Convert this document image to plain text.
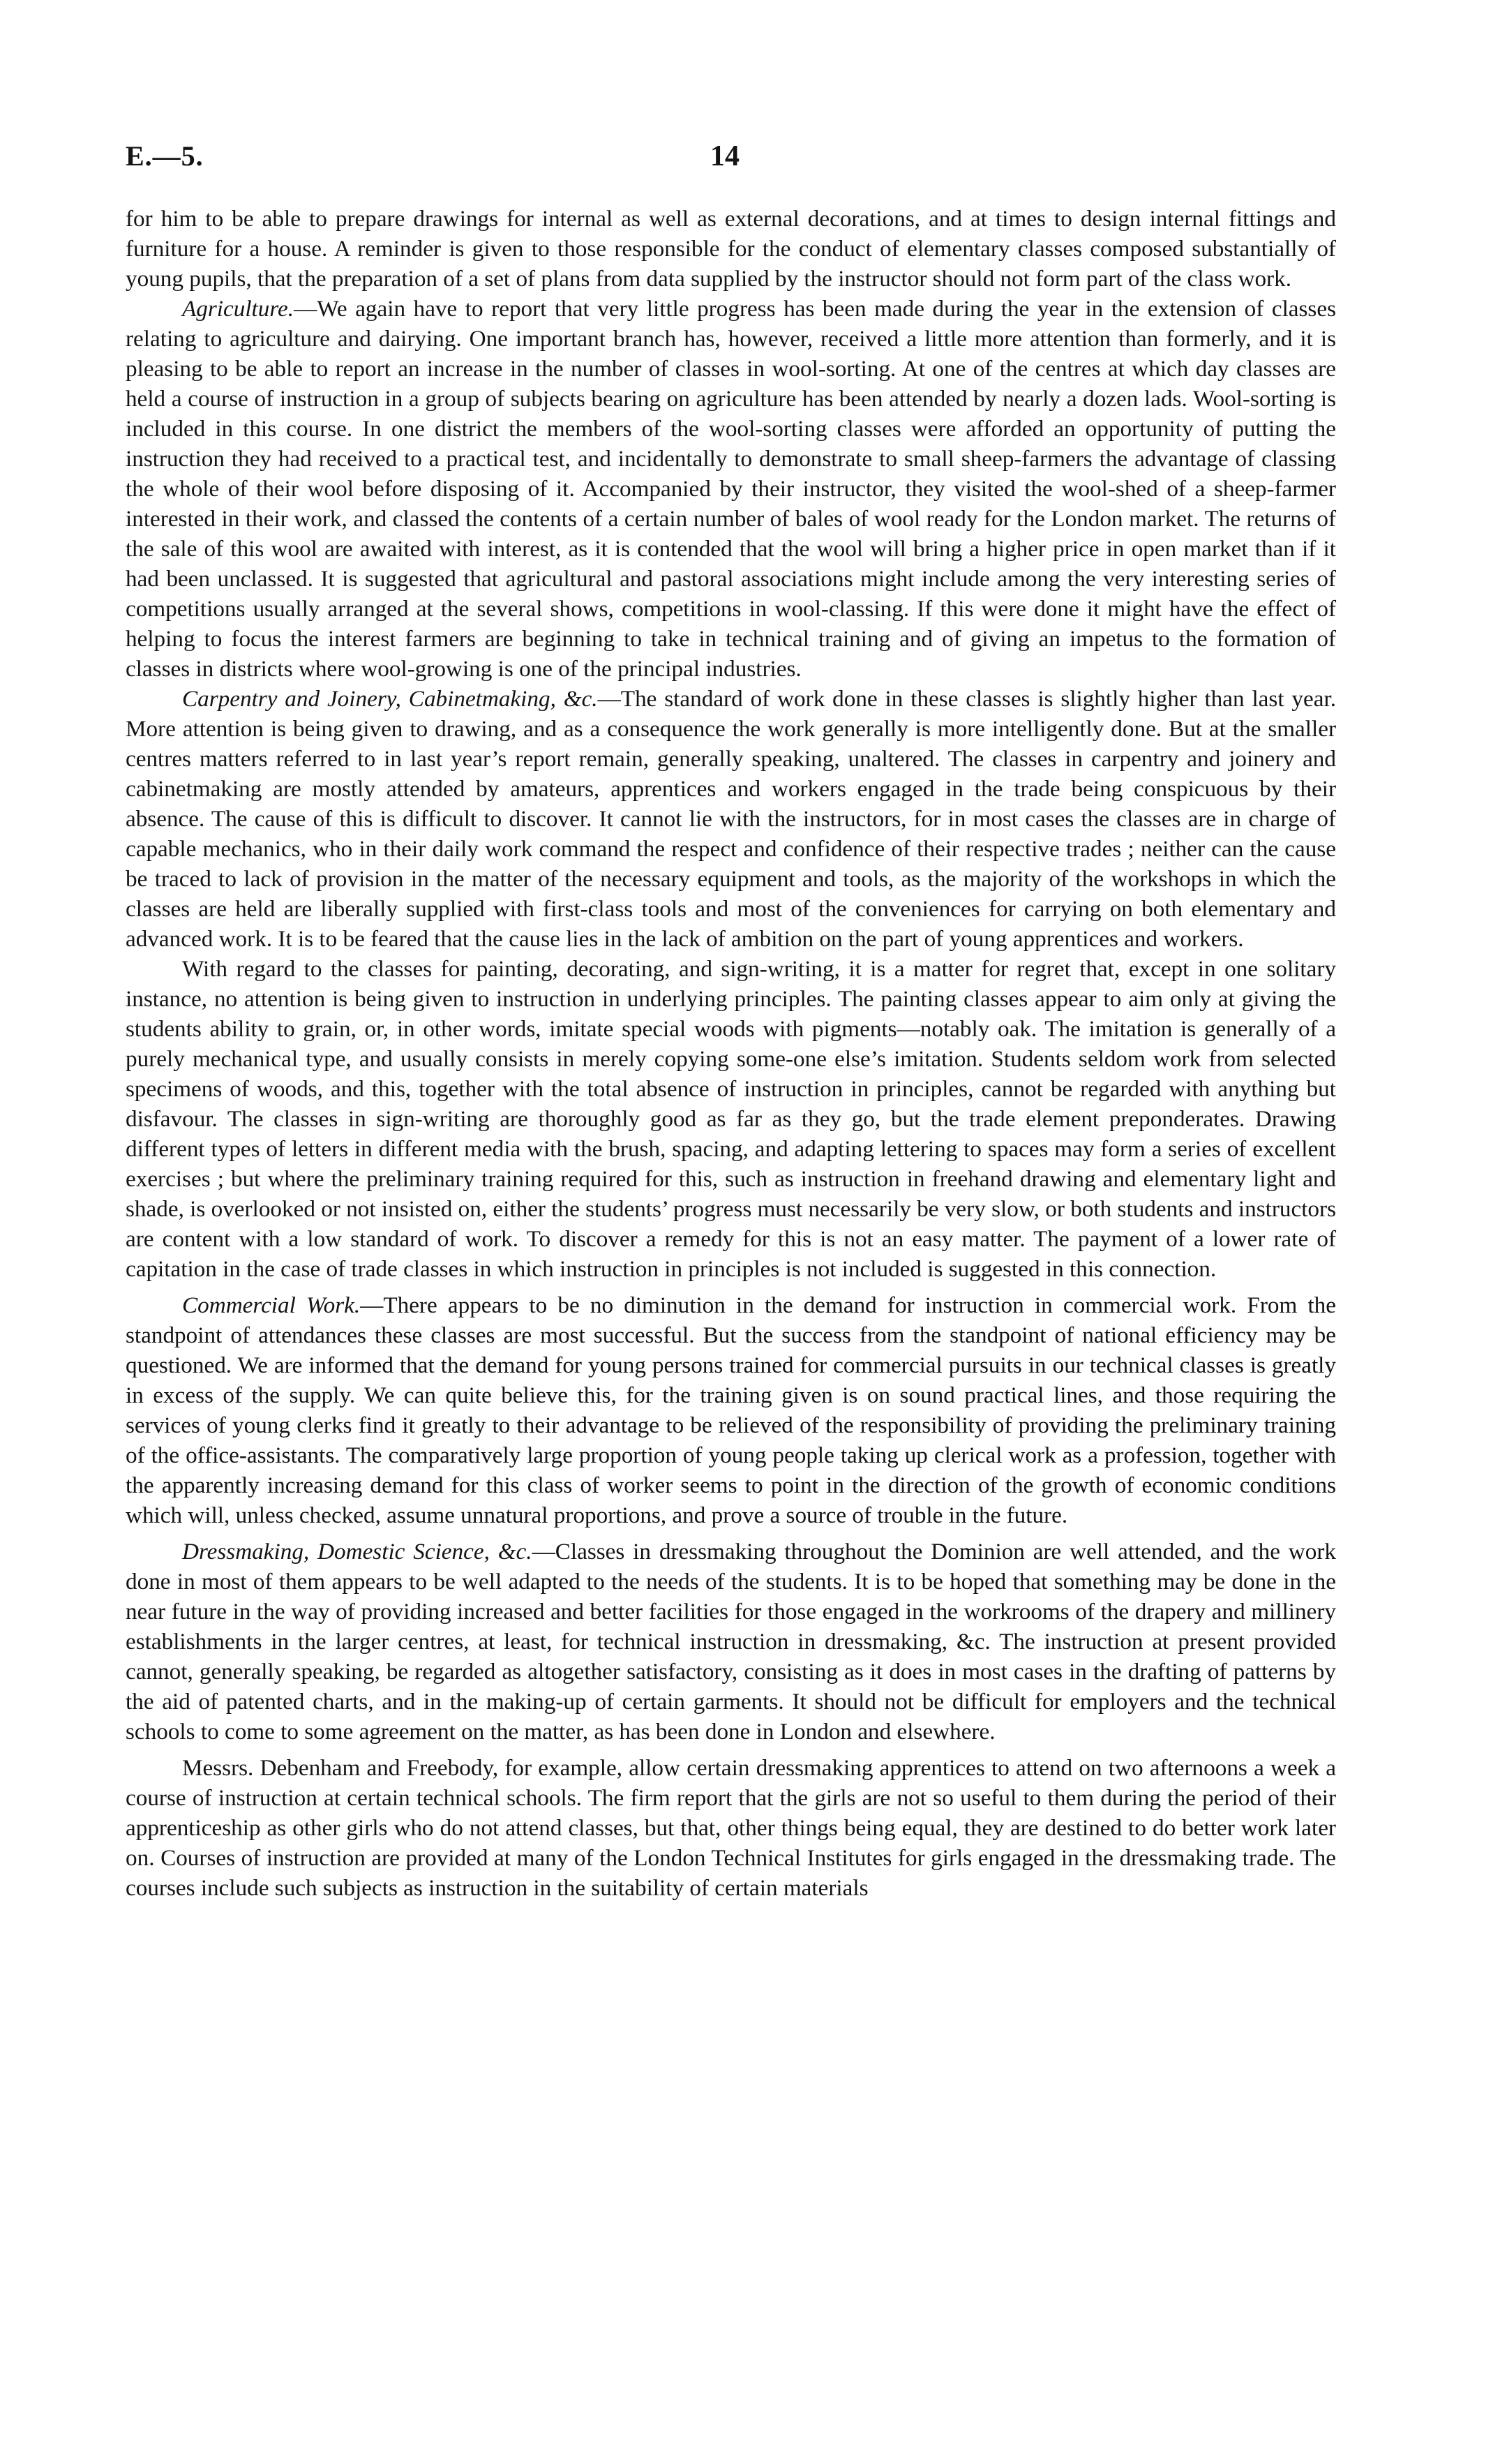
E.—5.	14

for him to be able to prepare drawings for internal as well as external decorations, and at times to design internal fittings and furniture for a house. A reminder is given to those responsible for the conduct of elementary classes composed substantially of young pupils, that the preparation of a set of plans from data supplied by the instructor should not form part of the class work.

Agriculture.—We again have to report that very little progress has been made during the year in the extension of classes relating to agriculture and dairying. One important branch has, however, received a little more attention than formerly, and it is pleasing to be able to report an increase in the number of classes in wool-sorting. At one of the centres at which day classes are held a course of instruction in a group of subjects bearing on agriculture has been attended by nearly a dozen lads. Wool-sorting is included in this course. In one district the members of the wool-sorting classes were afforded an opportunity of putting the instruction they had received to a practical test, and incidentally to demonstrate to small sheep-farmers the advantage of classing the whole of their wool before disposing of it. Accompanied by their instructor, they visited the wool-shed of a sheep-farmer interested in their work, and classed the contents of a certain number of bales of wool ready for the London market. The returns of the sale of this wool are awaited with interest, as it is contended that the wool will bring a higher price in open market than if it had been unclassed. It is suggested that agricultural and pastoral associations might include among the very interesting series of competitions usually arranged at the several shows, competitions in wool-classing. If this were done it might have the effect of helping to focus the interest farmers are beginning to take in technical training and of giving an impetus to the formation of classes in districts where wool-growing is one of the principal industries.

Carpentry and Joinery, Cabinetmaking, &c.—The standard of work done in these classes is slightly higher than last year. More attention is being given to drawing, and as a consequence the work generally is more intelligently done. But at the smaller centres matters referred to in last year’s report remain, generally speaking, unaltered. The classes in carpentry and joinery and cabinetmaking are mostly attended by amateurs, apprentices and workers engaged in the trade being conspicuous by their absence. The cause of this is difficult to discover. It cannot lie with the instructors, for in most cases the classes are in charge of capable mechanics, who in their daily work command the respect and confidence of their respective trades ; neither can the cause be traced to lack of provision in the matter of the necessary equipment and tools, as the majority of the workshops in which the classes are held are liberally supplied with first-class tools and most of the conveniences for carrying on both elementary and advanced work. It is to be feared that the cause lies in the lack of ambition on the part of young apprentices and workers.

With regard to the classes for painting, decorating, and sign-writing, it is a matter for regret that, except in one solitary instance, no attention is being given to instruction in underlying principles. The painting classes appear to aim only at giving the students ability to grain, or, in other words, imitate special woods with pigments—notably oak. The imitation is generally of a purely mechanical type, and usually consists in merely copying some-one else’s imitation. Students seldom work from selected specimens of woods, and this, together with the total absence of instruction in principles, cannot be regarded with anything but disfavour. The classes in sign-writing are thoroughly good as far as they go, but the trade element preponderates. Drawing different types of letters in different media with the brush, spacing, and adapting lettering to spaces may form a series of excellent exercises ; but where the preliminary training required for this, such as instruction in freehand drawing and elementary light and shade, is overlooked or not insisted on, either the students’ progress must necessarily be very slow, or both students and instructors are content with a low standard of work. To discover a remedy for this is not an easy matter. The payment of a lower rate of capitation in the case of trade classes in which instruction in principles is not included is suggested in this connection.

Commercial Work.—There appears to be no diminution in the demand for instruction in commercial work. From the standpoint of attendances these classes are most successful. But the success from the standpoint of national efficiency may be questioned. We are informed that the demand for young persons trained for commercial pursuits in our technical classes is greatly in excess of the supply. We can quite believe this, for the training given is on sound practical lines, and those requiring the services of young clerks find it greatly to their advantage to be relieved of the responsibility of providing the preliminary training of the office-assistants. The comparatively large proportion of young people taking up clerical work as a profession, together with the apparently increasing demand for this class of worker seems to point in the direction of the growth of economic conditions which will, unless checked, assume unnatural proportions, and prove a source of trouble in the future.

Dressmaking, Domestic Science, &c.—Classes in dressmaking throughout the Dominion are well attended, and the work done in most of them appears to be well adapted to the needs of the students. It is to be hoped that something may be done in the near future in the way of providing increased and better facilities for those engaged in the workrooms of the drapery and millinery establishments in the larger centres, at least, for technical instruction in dressmaking, &c. The instruction at present provided cannot, generally speaking, be regarded as altogether satisfactory, consisting as it does in most cases in the drafting of patterns by the aid of patented charts, and in the making-up of certain garments. It should not be difficult for employers and the technical schools to come to some agreement on the matter, as has been done in London and elsewhere.

Messrs. Debenham and Freebody, for example, allow certain dressmaking apprentices to attend on two afternoons a week a course of instruction at certain technical schools. The firm report that the girls are not so useful to them during the period of their apprenticeship as other girls who do not attend classes, but that, other things being equal, they are destined to do better work later on. Courses of instruction are provided at many of the London Technical Institutes for girls engaged in the dressmaking trade. The courses include such subjects as instruction in the suitability of certain materials
